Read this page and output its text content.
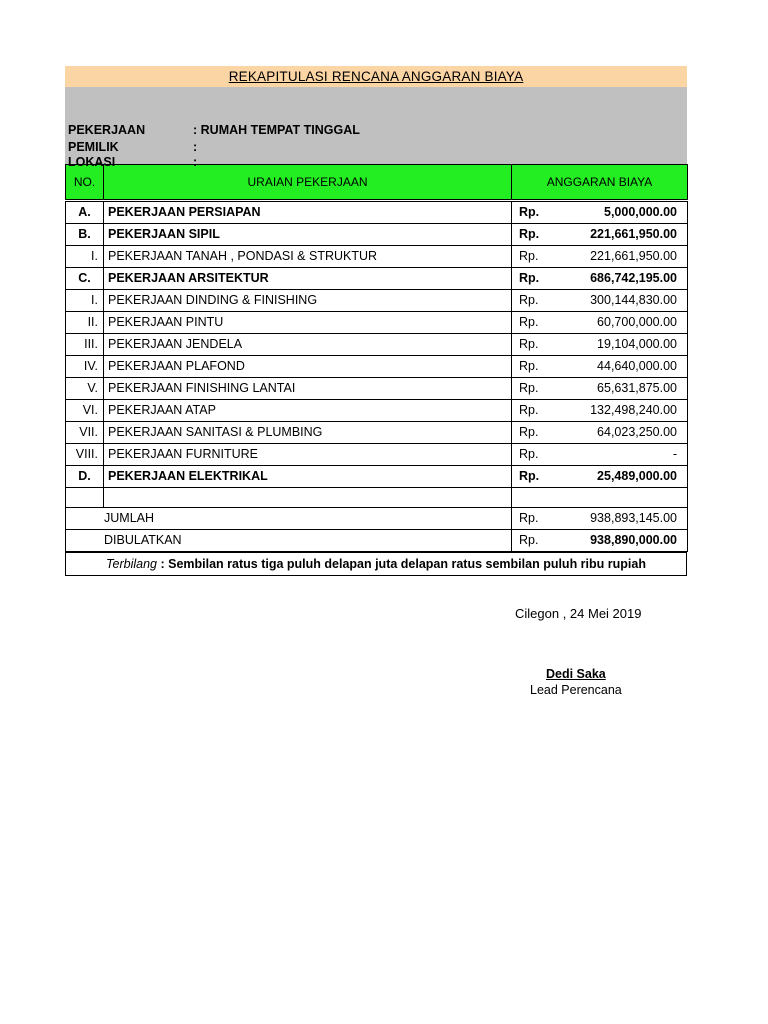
REKAPITULASI RENCANA ANGGARAN BIAYA
PEKERJAAN	: RUMAH TEMPAT TINGGAL
PEMILIK	:
LOKASI	:
NO.	URAIAN PEKERJAAN	ANGGARAN BIAYA
A.	PEKERJAAN PERSIAPAN	Rp. 5,000,000.00

B.	PEKERJAAN SIPIL	Rp. 221,661,950.00

I.	PEKERJAAN TANAH , PONDASI & STRUKTUR	Rp. 221,661,950.00

C.	PEKERJAAN ARSITEKTUR	Rp. 686,742,195.00

I.	PEKERJAAN DINDING & FINISHING	Rp. 300,144,830.00

II.	PEKERJAAN PINTU	Rp. 60,700,000.00

III.	PEKERJAAN JENDELA	Rp. 19,104,000.00

IV.	PEKERJAAN PLAFOND	Rp. 44,640,000.00

V.	PEKERJAAN FINISHING LANTAI	Rp. 65,631,875.00

VI.	PEKERJAAN ATAP	Rp. 132,498,240.00

VII.	PEKERJAAN SANITASI & PLUMBING	Rp. 64,023,250.00

VIII.	PEKERJAAN FURNITURE	Rp. -

D.	PEKERJAAN ELEKTRIKAL	Rp. 25,489,000.00

JUMLAH		Rp. 938,893,145.00

DIBULATKAN		Rp. 938,890,000.00
Terbilang : Sembilan ratus tiga puluh delapan juta delapan ratus sembilan puluh ribu rupiah
Cilegon , 24 Mei 2019
Dedi Saka
Lead Perencana
